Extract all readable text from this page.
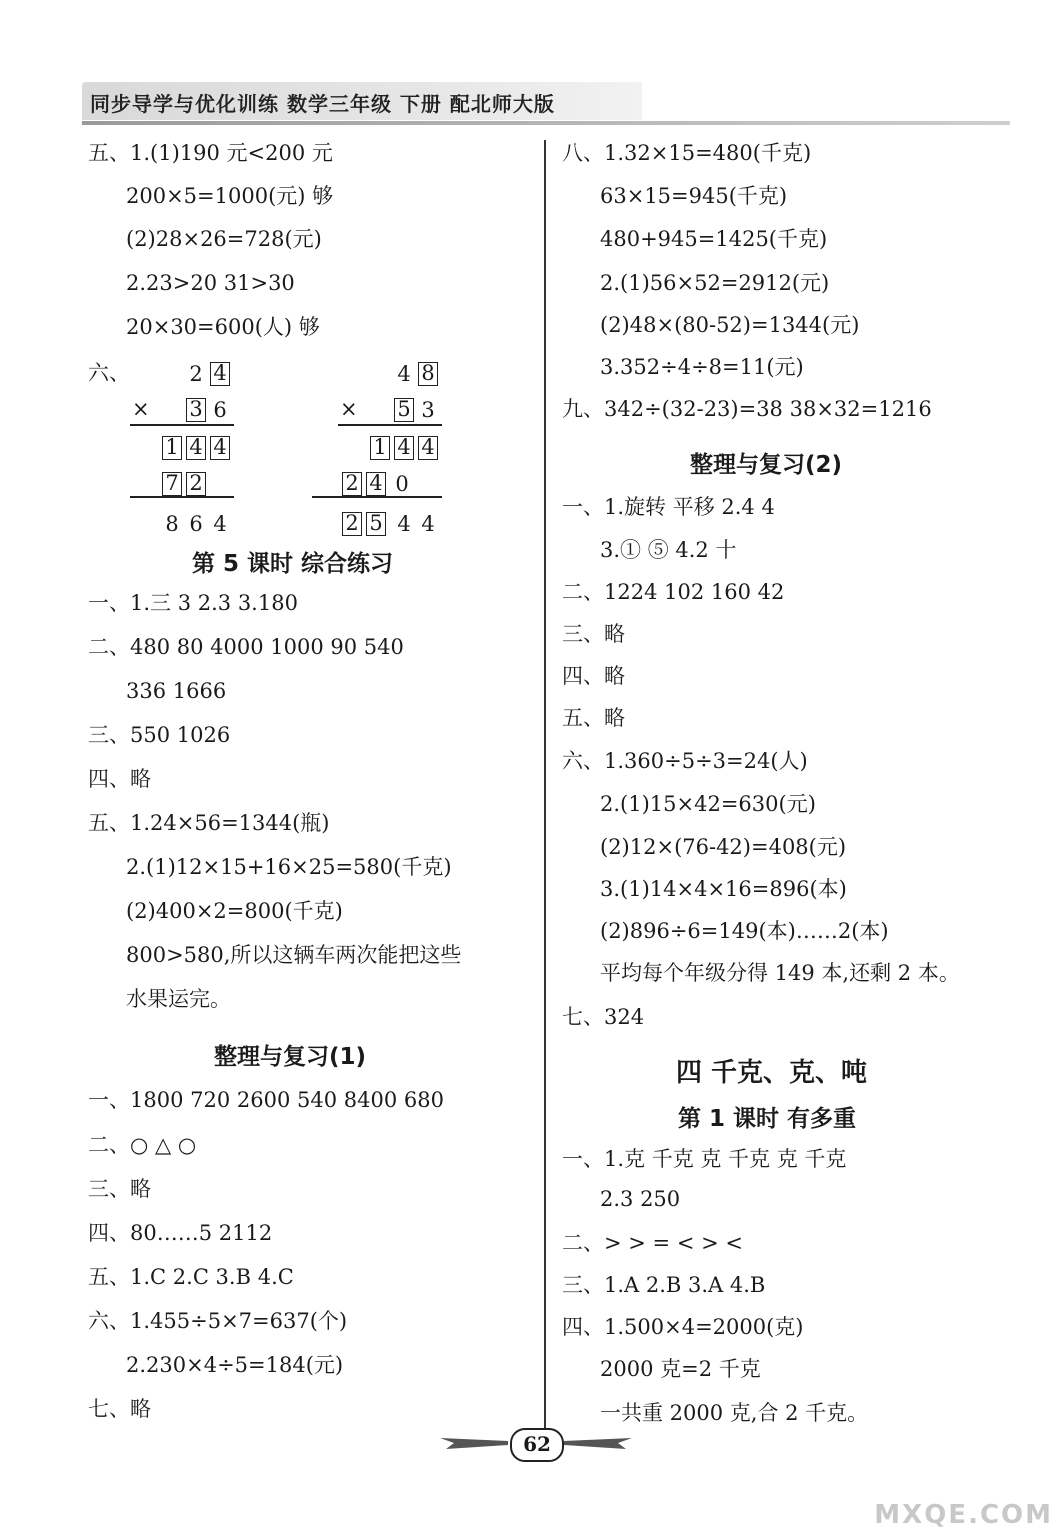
同步导学与优化训练 数学三年级 下册 配北师大版
五、1.(1)190 元<200 元
200×5=1000(元) 够
(2)28×26=728(元)
2.23>20 31>30
20×30=600(人) 够
六、	2 4
× 3 6
1 4 4
7 2
8 6 4
4 8
× 5 3
1 4 4
2 4 0
2 5 4 4
第 5 课时 综合练习
一、1.三 3 2.3 3.180
二、480 80 4000 1000 90 540
336 1666
三、550 1026
四、略
五、1.24×56=1344(瓶)
2.(1)12×15+16×25=580(千克)
(2)400×2=800(千克)
800>580,所以这辆车两次能把这些
水果运完。
整理与复习(1)
一、1800 720 2600 540 8400 680
二、○ △ ○
三、略
四、80……5 2112
五、1.C 2.C 3.B 4.C
六、1.455÷5×7=637(个)
2.230×4÷5=184(元)
七、略
八、1.32×15=480(千克)
63×15=945(千克)
480+945=1425(千克)
2.(1)56×52=2912(元)
(2)48×(80-52)=1344(元)
3.352÷4÷8=11(元)
九、342÷(32-23)=38 38×32=1216
整理与复习(2)
一、1.旋转 平移 2.4 4
3.① ⑤ 4.2 十
二、1224 102 160 42
三、略
四、略
五、略
六、1.360÷5÷3=24(人)
2.(1)15×42=630(元)
(2)12×(76-42)=408(元)
3.(1)14×4×16=896(本)
(2)896÷6=149(本)……2(本)
平均每个年级分得 149 本,还剩 2 本。
七、324
四 千克、克、吨
第 1 课时 有多重
一、1.克 千克 克 千克 克 千克
2.3 250
二、> > = < > <
三、1.A 2.B 3.A 4.B
四、1.500×4=2000(克)
2000 克=2 千克
一共重 2000 克,合 2 千克。
62
MXQE.COM
